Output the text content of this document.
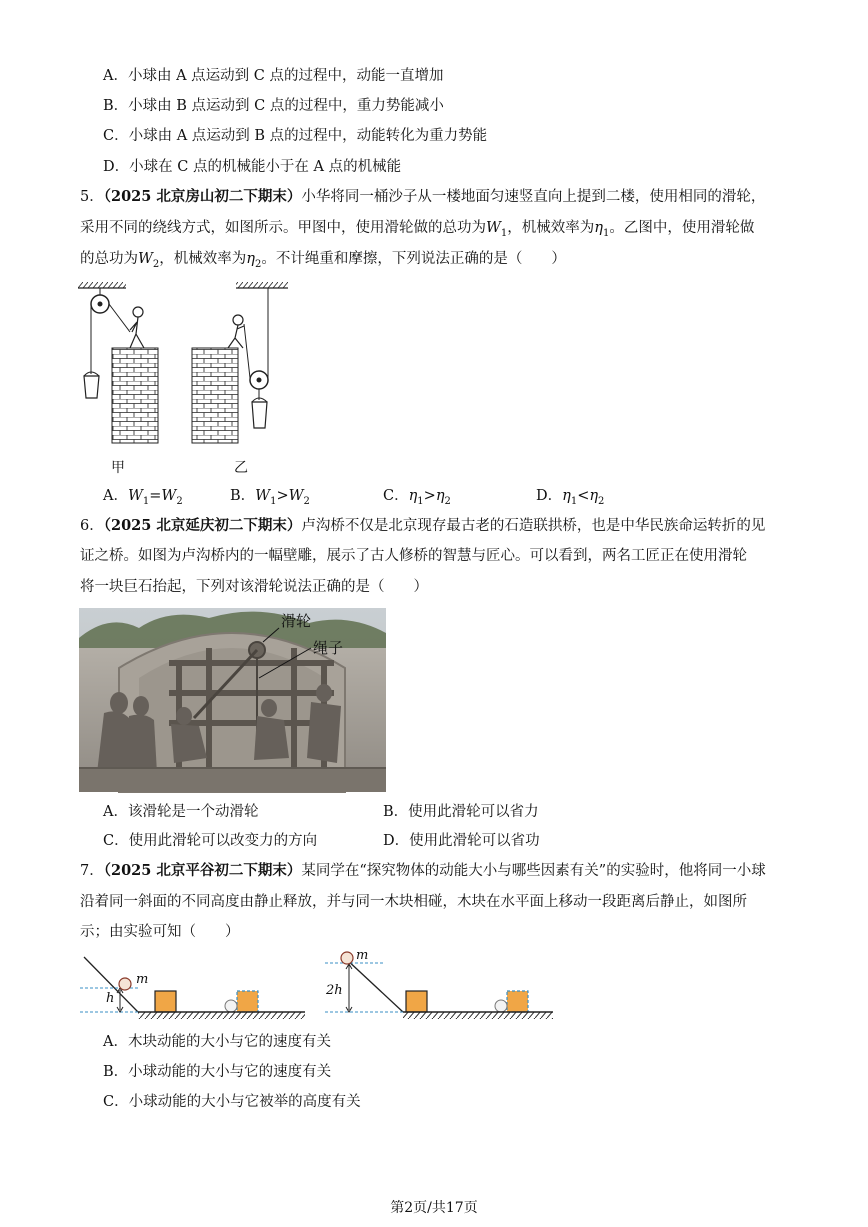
A．小球由 A 点运动到 C 点的过程中，动能一直增加
B．小球由 B 点运动到 C 点的过程中，重力势能减小
C．小球由 A 点运动到 B 点的过程中，动能转化为重力势能
D．小球在 C 点的机械能小于在 A 点的机械能
5．（2025 北京房山初二下期末）小华将同一桶沙子从一楼地面匀速竖直向上提到二楼，使用相同的滑轮，
采用不同的绕线方式，如图所示。甲图中，使用滑轮做的总功为$W_1$，机械效率为$\eta_1$。乙图中，使用滑轮做
的总功为$W_2$，机械效率为$\eta_2$。不计绳重和摩擦，下列说法正确的是（　　）
甲	乙
A．$W_1=W_2$	B．$W_1>W_2$	C．$\eta_1>\eta_2$	D．$\eta_1<\eta_2$
6．（2025 北京延庆初二下期末）卢沟桥不仅是北京现存最古老的石造联拱桥，也是中华民族命运转折的见
证之桥。如图为卢沟桥内的一幅壁雕，展示了古人修桥的智慧与匠心。可以看到，两名工匠正在使用滑轮
将一块巨石抬起，下列对该滑轮说法正确的是（　　）
滑轮
绳子
A．该滑轮是一个动滑轮	B．使用此滑轮可以省力
C．使用此滑轮可以改变力的方向	D．使用此滑轮可以省功
7．（2025 北京平谷初二下期末）某同学在“探究物体的动能大小与哪些因素有关”的实验时，他将同一小球
沿着同一斜面的不同高度由静止释放，并与同一木块相碰，木块在水平面上移动一段距离后静止，如图所
示；由实验可知（　　）
m
h
m
2h
A．木块动能的大小与它的速度有关
B．小球动能的大小与它的速度有关
C．小球动能的大小与它被举的高度有关
第2页/共17页
